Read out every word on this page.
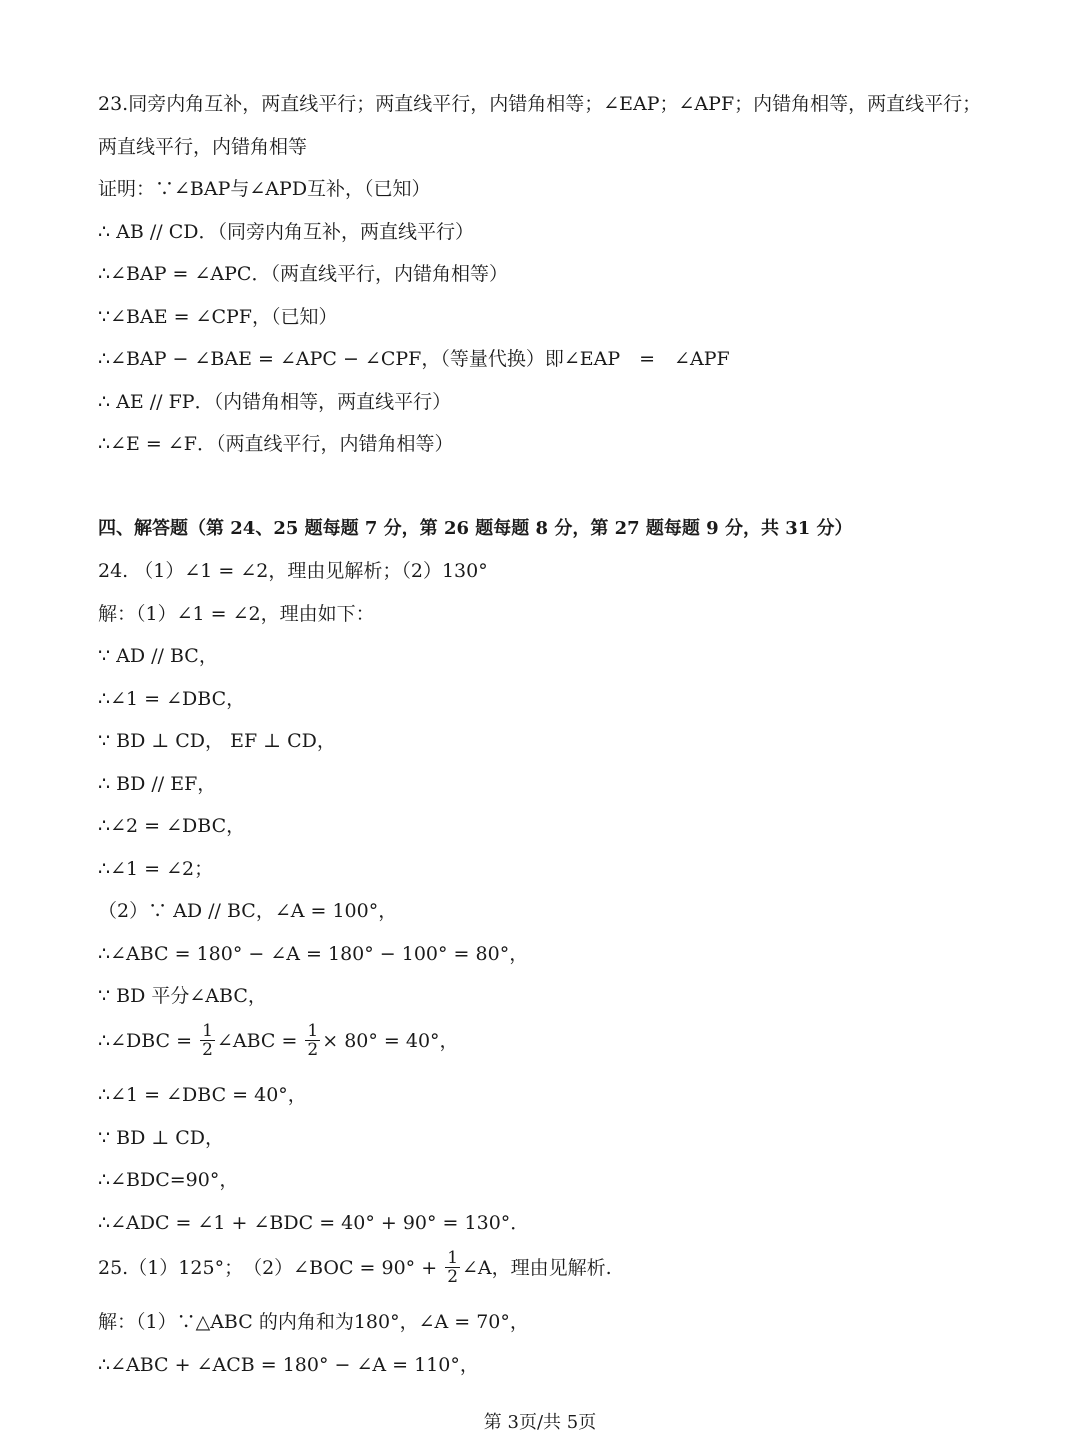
23.同旁内角互补，两直线平行；两直线平行，内错角相等；∠EAP；∠APF；内错角相等，两直线平行；
两直线平行，内错角相等
证明：∵∠BAP与∠APD互补，（已知）
∴ AB // CD．（同旁内角互补，两直线平行）
∴∠BAP = ∠APC．（两直线平行，内错角相等）
∵∠BAE = ∠CPF，（已知）
∴∠BAP − ∠BAE = ∠APC − ∠CPF，（等量代换）即∠EAP　=　∠APF
∴ AE // FP．（内错角相等，两直线平行）
∴∠E = ∠F．（两直线平行，内错角相等）
四、解答题（第 24、25 题每题 7 分，第 26 题每题 8 分，第 27 题每题 9 分，共 31 分）
24. （1）∠1 = ∠2，理由见解析；（2）130°
解：（1）∠1 = ∠2，理由如下：
∵ AD // BC，
∴∠1 = ∠DBC，
∵ BD ⊥ CD， EF ⊥ CD，
∴ BD // EF，
∴∠2 = ∠DBC，
∴∠1 = ∠2；
（2）∵ AD // BC，∠A = 100°，
∴∠ABC = 180° − ∠A = 180° − 100° = 80°，
∵ BD 平分∠ABC，
∴∠DBC = $\frac{1}{2}$ ∠ABC = $\frac{1}{2} \times 80^\circ = 40^\circ$，
∴∠1 = ∠DBC = 40°，
∵ BD ⊥ CD，
∴∠BDC=90°，
∴∠ADC = ∠1 + ∠BDC = 40° + 90° = 130°．
25.（1）125°；　（2）∠BOC = $90^\circ + \frac{1}{2}$ ∠A，理由见解析.
解：（1）∵△ABC 的内角和为180°，∠A = 70°，
∴∠ABC + ∠ACB = 180° − ∠A = 110°，
第 3页/共 5页
